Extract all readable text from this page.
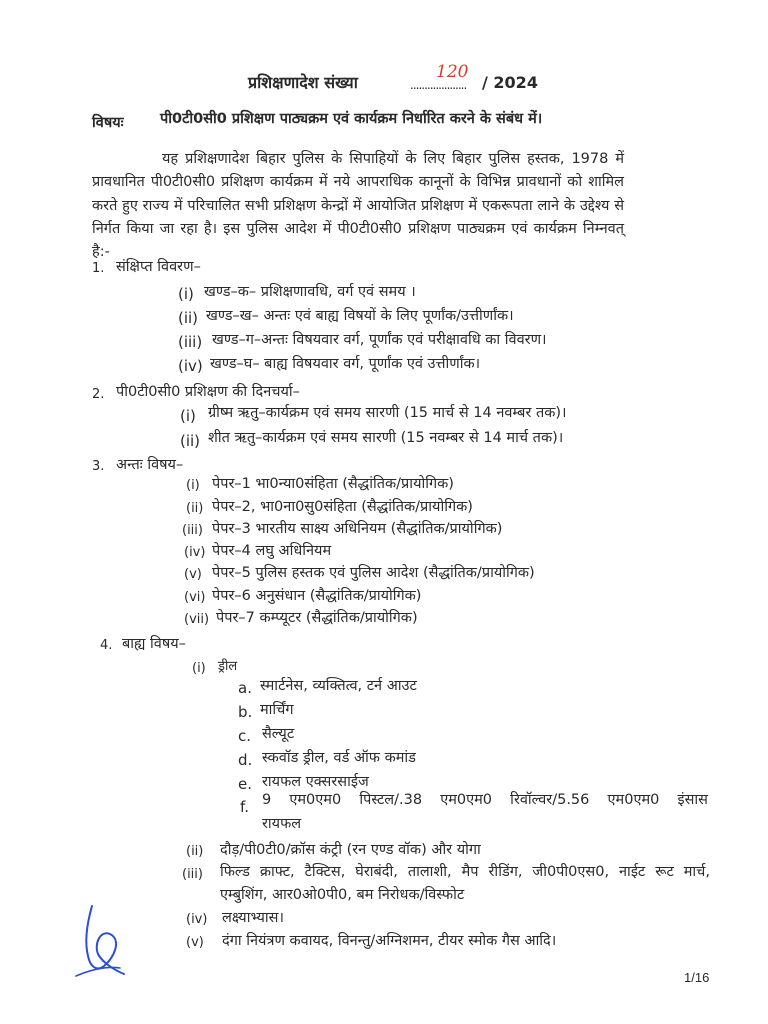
प्रशिक्षणादेश संख्या	....................
120
/ 2024
विषयः	पी0टी0सी0 प्रशिक्षण पाठ्यक्रम एवं कार्यक्रम निर्धारित करने के संबंध में।
यह प्रशिक्षणादेश बिहार पुलिस के सिपाहियों के लिए बिहार पुलिस हस्तक, 1978 में प्रावधानित पी0टी0सी0 प्रशिक्षण कार्यक्रम में नये आपराधिक कानूनों के विभिन्न प्रावधानों को शामिल करते हुए राज्य में परिचालित सभी प्रशिक्षण केन्द्रों में आयोजित प्रशिक्षण में एकरूपता लाने के उद्देश्य से निर्गत किया जा रहा है। इस पुलिस आदेश में पी0टी0सी0 प्रशिक्षण पाठ्यक्रम एवं कार्यक्रम निम्नवत् है:-
1. संक्षिप्त विवरण–
(i) खण्ड–क– प्रशिक्षणावधि, वर्ग एवं समय ।
(ii) खण्ड–ख– अन्तः एवं बाह्य विषयों के लिए पूर्णांक/उत्तीर्णांक।
(iii) खण्ड–ग–अन्तः विषयवार वर्ग, पूर्णांक एवं परीक्षावधि का विवरण।
(iv) खण्ड–घ– बाह्य विषयवार वर्ग, पूर्णांक एवं उत्तीर्णांक।
2. पी0टी0सी0 प्रशिक्षण की दिनचर्या–
(i) ग्रीष्म ऋतु–कार्यक्रम एवं समय सारणी (15 मार्च से 14 नवम्बर तक)।
(ii) शीत ऋतु–कार्यक्रम एवं समय सारणी (15 नवम्बर से 14 मार्च तक)।
3. अन्तः विषय–
(i) पेपर–1 भा0न्या0संहिता (सैद्धांतिक/प्रायोगिक)
(ii) पेपर–2, भा0ना0सु0संहिता (सैद्धांतिक/प्रायोगिक)
(iii) पेपर–3 भारतीय साक्ष्य अधिनियम (सैद्धांतिक/प्रायोगिक)
(iv) पेपर–4 लघु अधिनियम
(v) पेपर–5 पुलिस हस्तक एवं पुलिस आदेश (सैद्धांतिक/प्रायोगिक)
(vi) पेपर–6 अनुसंधान (सैद्धांतिक/प्रायोगिक)
(vii) पेपर–7 कम्प्यूटर (सैद्धांतिक/प्रायोगिक)
4. बाह्य विषय–
(i) ड्रील
a. स्मार्टनेस, व्यक्तित्व, टर्न आउट
b. मार्चिंग
c. सैल्यूट
d. स्कवॉड ड्रील, वर्ड ऑफ कमांड
e. रायफल एक्सरसाईज
f. 9 एम0एम0 पिस्टल/.38 एम0एम0 रिवॉल्वर/5.56 एम0एम0 इंसास
रायफल
(ii) दौड़/पी0टी0/क्रॉस कंट्री (रन एण्ड वॉक) और योगा
(iii) फिल्ड क्राफ्ट, टैक्टिस, घेराबंदी, तालाशी, मैप रीडिंग, जी0पी0एस0, नाईट रूट मार्च,
एम्बुशिंग, आर0ओ0पी0, बम निरोधक/विस्फोट
(iv) लक्ष्याभ्यास।
(v) दंगा नियंत्रण कवायद, विनन्तु/अग्निशमन, टीयर स्मोक गैस आदि।
1/16
